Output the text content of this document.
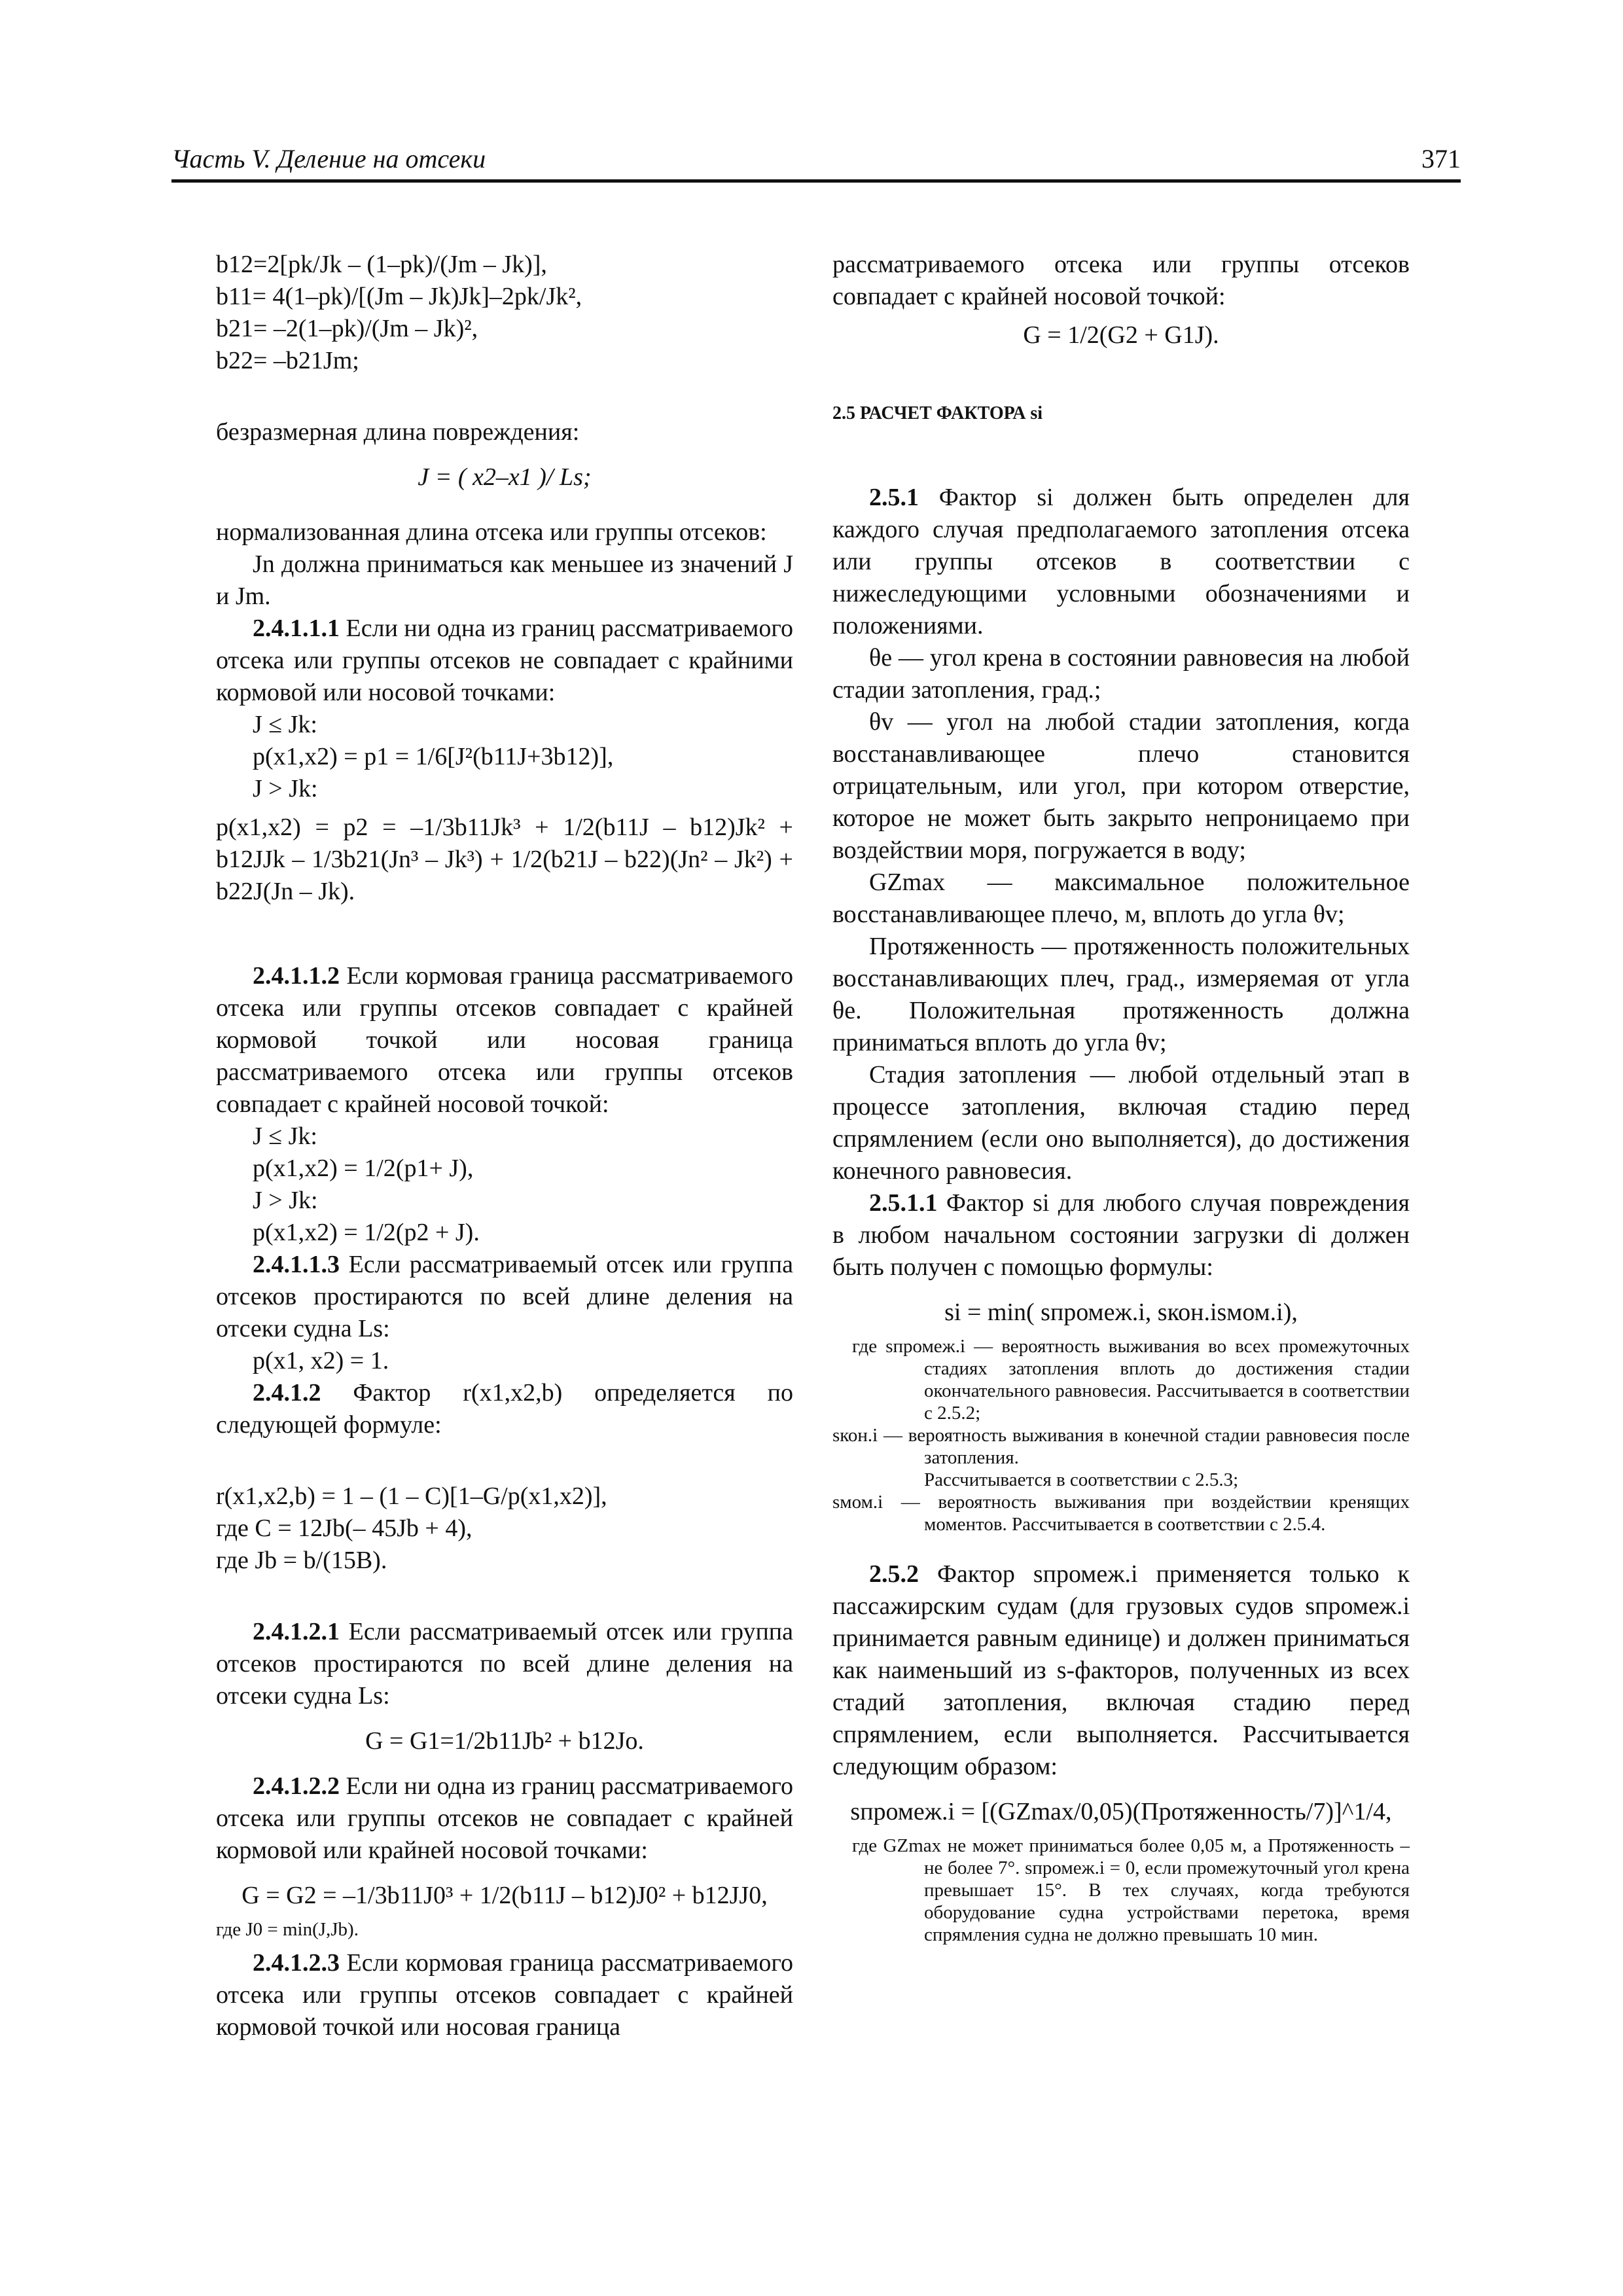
Часть V. Деление на отсеки	371
b12=2[pk/Jk – (1–pk)/(Jm – Jk)],
b11= 4(1–pk)/[(Jm – Jk)Jk]–2pk/Jk²,
b21= –2(1–pk)/(Jm – Jk)²,
b22= –b21Jm;

безразмерная длина повреждения:

J = ( x2–x1 )/ Ls;

нормализованная длина отсека или группы отсеков:

Jn должна приниматься как меньшее из значений J и Jm.

2.4.1.1.1 Если ни одна из границ рассматриваемого отсека или группы отсеков не совпадает с крайними кормовой или носовой точками:

J ≤ Jk:
p(x1,x2) = p1 = 1/6[J²(b11J+3b12)],
J > Jk:

p(x1,x2) = p2 = –1/3b11Jk³ + 1/2(b11J – b12)Jk² + b12JJk – 1/3b21(Jn³ – Jk³) + 1/2(b21J – b22)(Jn² – Jk²) + b22J(Jn – Jk).

2.4.1.1.2 Если кормовая граница рассматриваемого отсека или группы отсеков совпадает с крайней кормовой точкой или носовая граница рассматриваемого отсека или группы отсеков совпадает с крайней носовой точкой:

J ≤ Jk:
p(x1,x2) = 1/2(p1+ J),
J > Jk:
p(x1,x2) = 1/2(p2 + J).

2.4.1.1.3 Если рассматриваемый отсек или группа отсеков простираются по всей длине деления на отсеки судна Ls:

p(x1, x2) = 1.

2.4.1.2 Фактор r(x1,x2,b) определяется по следующей формуле:

r(x1,x2,b) = 1 – (1 – C)[1–G/p(x1,x2)],
где C = 12Jb(– 45Jb + 4),
где Jb = b/(15B).

2.4.1.2.1 Если рассматриваемый отсек или группа отсеков простираются по всей длине деления на отсеки судна Ls:

G = G1=1/2b11Jb² + b12Jo.

2.4.1.2.2 Если ни одна из границ рассматриваемого отсека или группы отсеков не совпадает с крайней кормовой или крайней носовой точками:

G = G2 = –1/3b11J0³ + 1/2(b11J – b12)J0² + b12JJ0,

где J0 = min(J,Jb).

2.4.1.2.3 Если кормовая граница рассматриваемого отсека или группы отсеков совпадает с крайней кормовой точкой или носовая граница

рассматриваемого отсека или группы отсеков совпадает с крайней носовой точкой:

G = 1/2(G2 + G1J).

2.5 РАСЧЕТ ФАКТОРА si

2.5.1 Фактор si должен быть определен для каждого случая предполагаемого затопления отсека или группы отсеков в соответствии с нижеследующими условными обозначениями и положениями.

θe — угол крена в состоянии равновесия на любой стадии затопления, град.;

θv — угол на любой стадии затопления, когда восстанавливающее плечо становится отрицательным, или угол, при котором отверстие, которое не может быть закрыто непроницаемо при воздействии моря, погружается в воду;

GZmax — максимальное положительное восстанавливающее плечо, м, вплоть до угла θv;

Протяженность — протяженность положительных восстанавливающих плеч, град., измеряемая от угла θe. Положительная протяженность должна приниматься вплоть до угла θv;

Стадия затопления — любой отдельный этап в процессе затопления, включая стадию перед спрямлением (если оно выполняется), до достижения конечного равновесия.

2.5.1.1 Фактор si для любого случая повреждения в любом начальном состоянии загрузки di должен быть получен с помощью формулы:

si = min( sпромеж.i, sкон.isмом.i),

где sпромеж.i — вероятность выживания во всех промежуточных стадиях затопления вплоть до достижения стадии окончательного равновесия. Рассчитывается в соответствии с 2.5.2;

sкон.i — вероятность выживания в конечной стадии равновесия после затопления.

Рассчитывается в соответствии с 2.5.3;

sмом.i — вероятность выживания при воздействии кренящих моментов. Рассчитывается в соответствии с 2.5.4.

2.5.2 Фактор sпромеж.i применяется только к пассажирским судам (для грузовых судов sпромеж.i принимается равным единице) и должен приниматься как наименьший из s-факторов, полученных из всех стадий затопления, включая стадию перед спрямлением, если выполняется. Рассчитывается следующим образом:

sпромеж.i = [(GZmax/0,05)(Протяженность/7)]^1/4,

где GZmax не может приниматься более 0,05 м, а Протяженность – не более 7°. sпромеж.i = 0, если промежуточный угол крена превышает 15°. В тех случаях, когда требуются оборудование судна устройствами перетока, время спрямления судна не должно превышать 10 мин.
